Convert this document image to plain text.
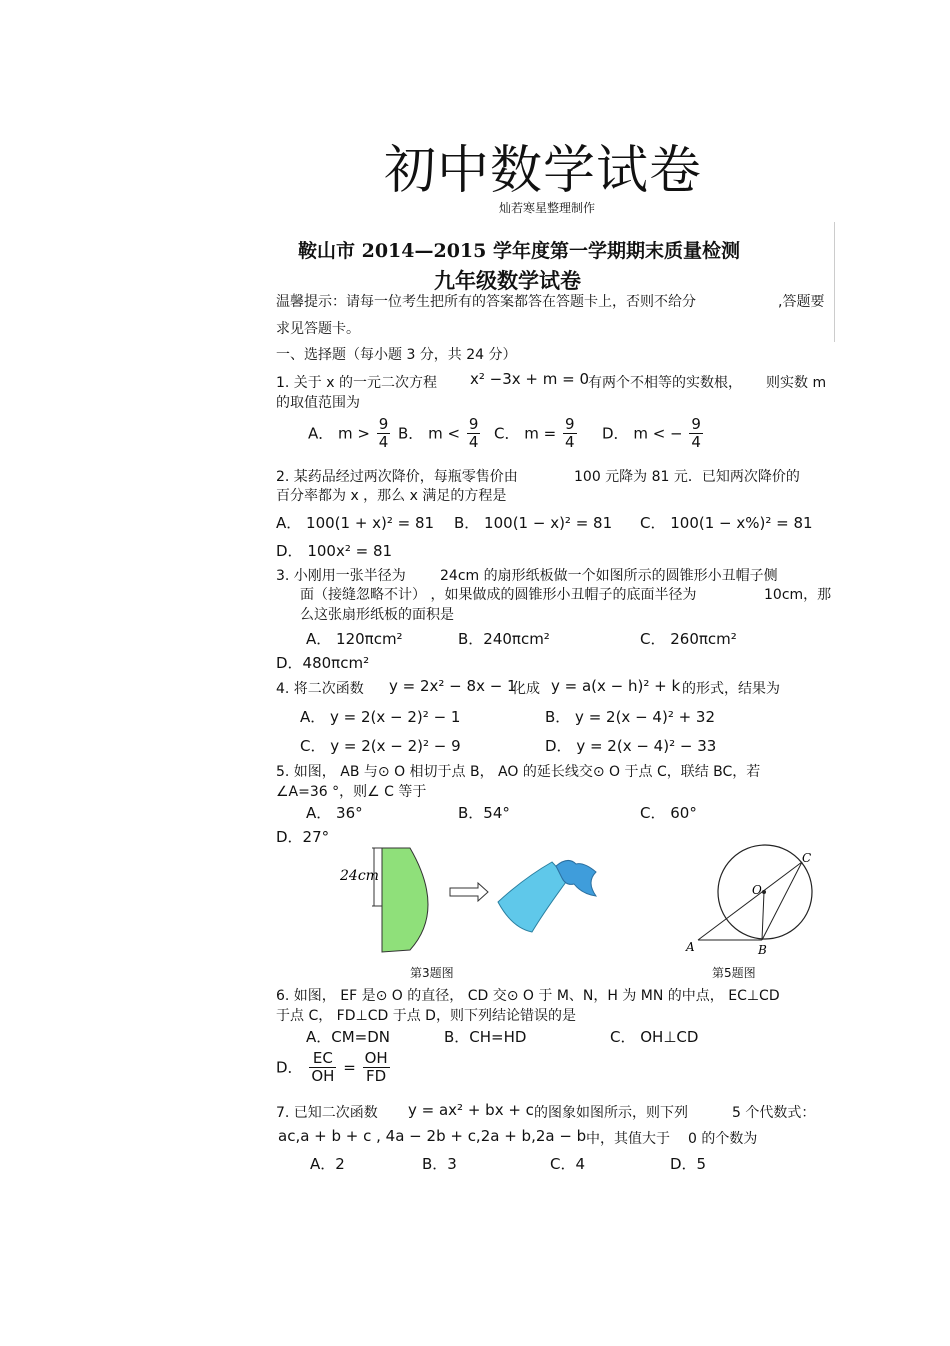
初中数学试卷
灿若寒星整理制作
鞍山市 2014—2015 学年度第一学期期末质量检测
九年级数学试卷
温馨提示：请每一位考生把所有的答案都答在答题卡上，否则不给分	,答题要
求见答题卡。
一、选择题（每小题 3 分，共 24 分）
1. 关于 x 的一元二次方程 x² −3x + m = 0
有两个不相等的实数根， 则实数 m
的取值范围为
A． $m > \frac{9}{4}$ B． $m < \frac{9}{4}$ C． $m = \frac{9}{4}$ D． m < − $\frac{9}{4}$
2. 某药品经过两次降价，每瓶零售价由	100 元降为 81 元．已知两次降价的
百分率都为 x ，那么 x 满足的方程是
A． 100(1 + x)² = 81 B． 100(1 − x)² = 81 C． 100(1 − x%)² = 81
D． 100x² = 81
3. 小刚用一张半径为 24cm 的扇形纸板做一个如图所示的圆锥形小丑帽子侧
面（接缝忽略不计） ，如果做成的圆锥形小丑帽子的底面半径为	10cm，那
么这张扇形纸板的面积是
A． 120πcm²	B．240πcm²	C． 260πcm²
D．480πcm²
4. 将二次函数 y = 2x² − 8x − 1
化成 y = a(x − h)² + k 的形式，结果为
A． y = 2(x − 2)² − 1	B． y = 2(x − 4)² + 32
C． y = 2(x − 2)² − 9	D． y = 2(x − 4)² − 33
5. 如图， AB 与⊙ O 相切于点 B， AO 的延长线交⊙ O 于点 C，联结 BC，若
∠A=36 °，则∠ C 等于
A． 36°	B．54°	C． 60°
D．27°
24cm
第3题图
A	B
C
O
第5题图
6. 如图， EF 是⊙ O 的直径， CD 交⊙ O 于 M、N，H 为 MN 的中点， EC⊥CD
于点 C， FD⊥CD 于点 D，则下列结论错误的是
A．CM=DN	B．CH=HD	C． OH⊥CD
D． $\frac{EC}{OH} = \frac{OH}{FD}$
7. 已知二次函数 y = ax² + bx + c 的图象如图所示，则下列	5 个代数式：
ac,a + b + c , 4a − 2b + c,2a + b,2a − b 中，其值大于 0 的个数为
A．2	B．3	C．4	D．5
